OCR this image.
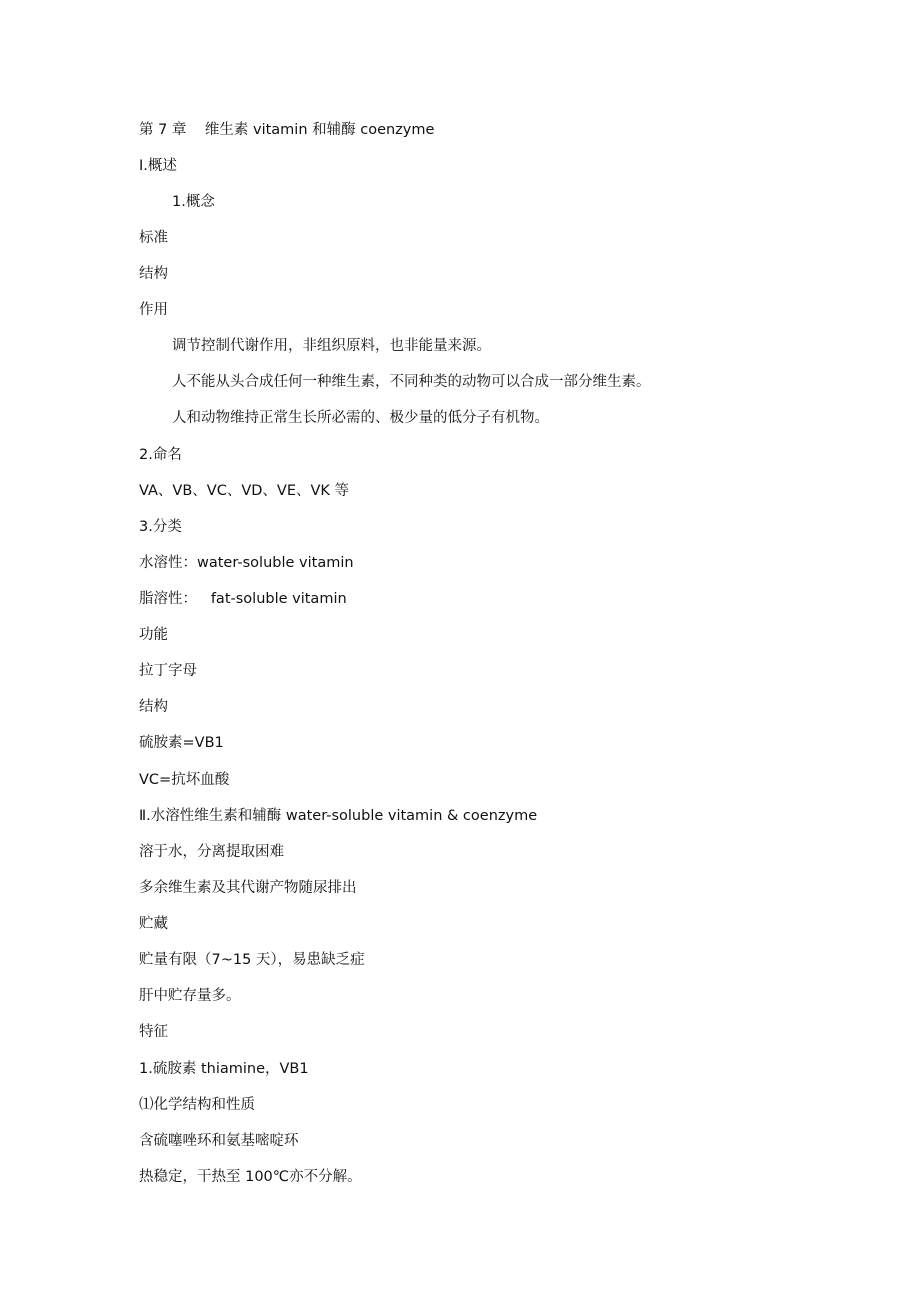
第 7 章    维生素 vitamin 和辅酶 coenzyme
Ⅰ.概述
1.概念
标准
结构
作用
调节控制代谢作用，非组织原料，也非能量来源。
人不能从头合成任何一种维生素，不同种类的动物可以合成一部分维生素。
人和动物维持正常生长所必需的、极少量的低分子有机物。
2.命名
VA、VB、VC、VD、VE、VK 等
3.分类
水溶性：water-soluble vitamin
脂溶性：   fat-soluble vitamin
功能
拉丁字母
结构
硫胺素=VB1
VC=抗坏血酸
Ⅱ.水溶性维生素和辅酶 water-soluble vitamin & coenzyme
溶于水，分离提取困难
多余维生素及其代谢产物随尿排出
贮藏
贮量有限（7~15 天），易患缺乏症
肝中贮存量多。
特征
1.硫胺素 thiamine，VB1
⑴化学结构和性质
含硫噻唑环和氨基嘧啶环
热稳定，干热至 100℃亦不分解。
